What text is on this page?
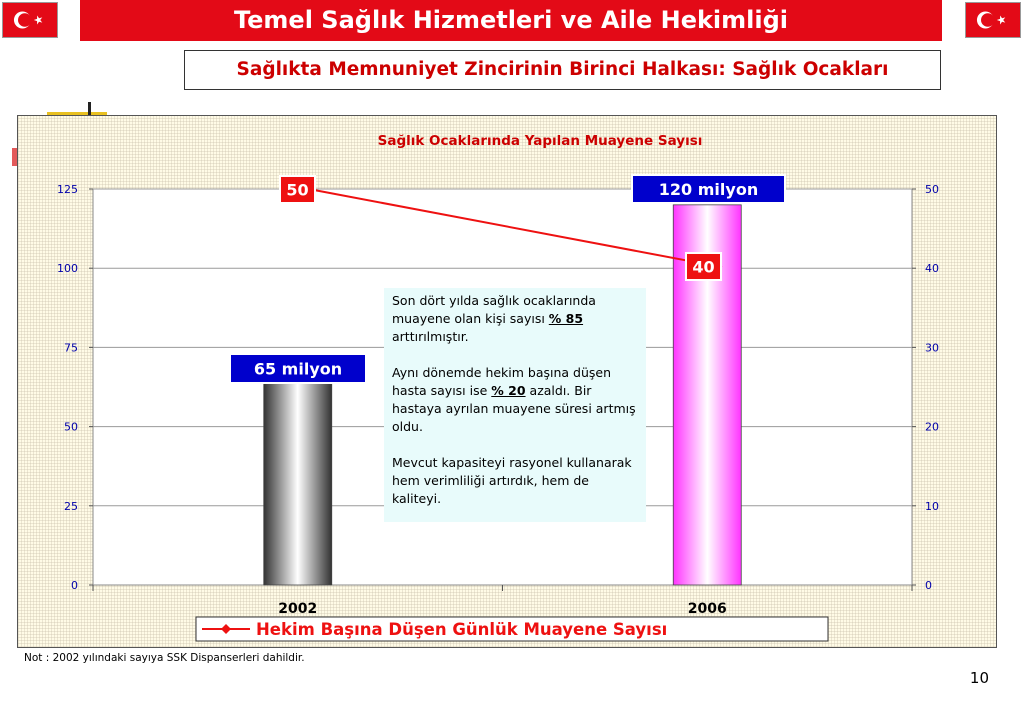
Temel Sağlık Hizmetleri ve Aile Hekimliği
Sağlıkta Memnuniyet Zincirinin Birinci Halkası: Sağlık Ocakları
Sağlık Ocaklarında Yapılan Muayene Sayısı
0
25
50
75
100
125
0
10
20
30
40
50
2002	2006
65 milyon
120 milyon
50
40
Hekim Başına Düşen Günlük Muayene Sayısı

Son dört yılda sağlık ocaklarında muayene olan kişi sayısı % 85 arttırılmıştır.

Aynı dönemde hekim başına düşen hasta sayısı ise % 20 azaldı. Bir hastaya ayrılan muayene süresi artmış oldu.

Mevcut kapasiteyi rasyonel kullanarak hem verimliliği artırdık, hem de kaliteyi.

Not : 2002 yılındaki sayıya SSK Dispanserleri dahildir.
10
